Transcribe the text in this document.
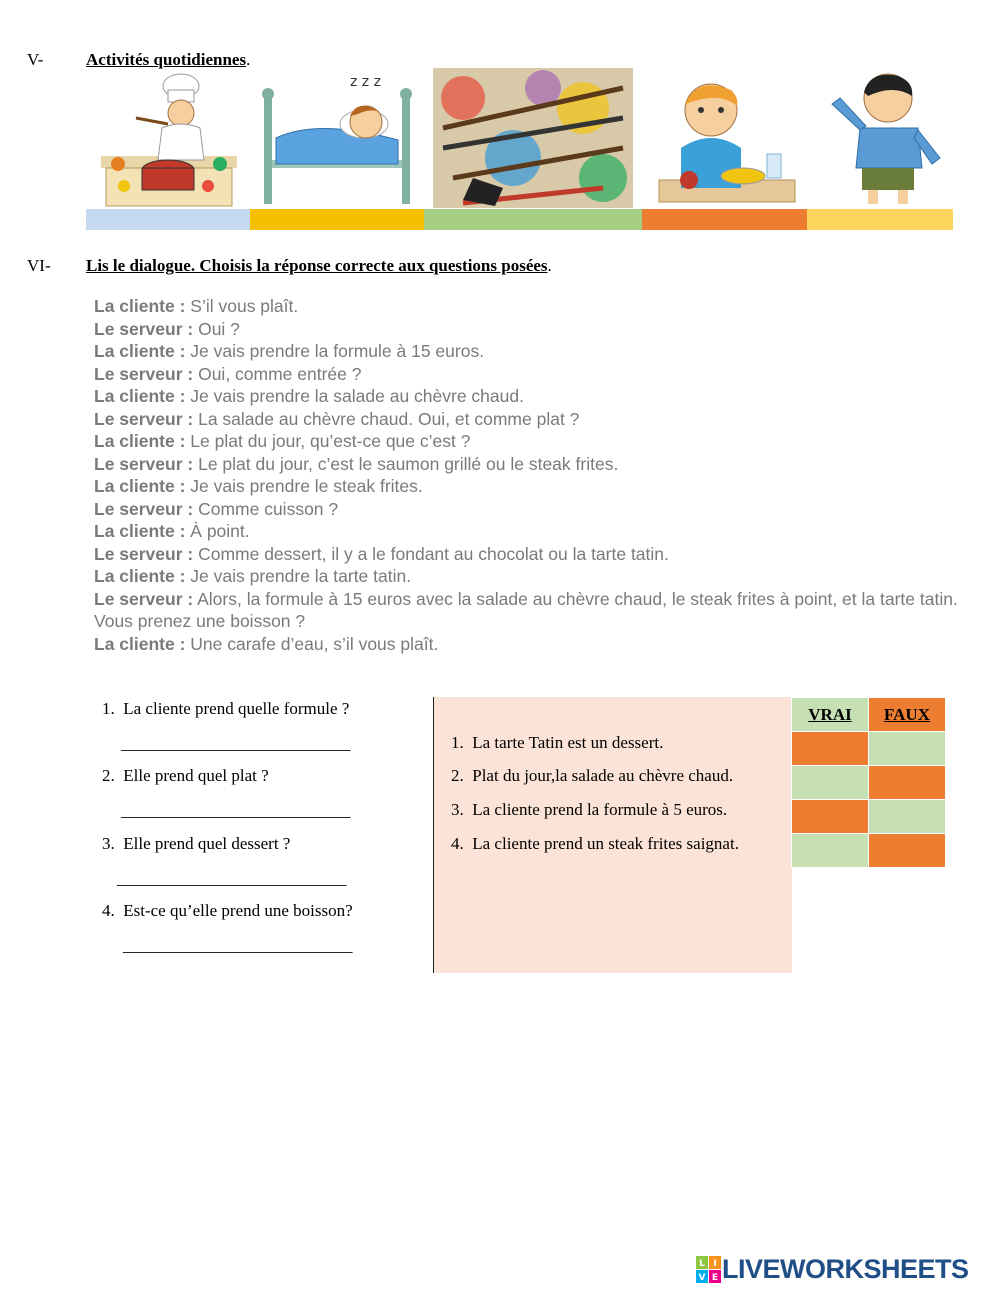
V-	Activités quotidiennes.
z z z
VI- Lis le dialogue. Choisis la réponse correcte aux questions posées.
La cliente : S’il vous plaît.
Le serveur : Oui ?
La cliente : Je vais prendre la formule à 15 euros.
Le serveur : Oui, comme entrée ?
La cliente : Je vais prendre la salade au chèvre chaud.
Le serveur : La salade au chèvre chaud. Oui, et comme plat ?
La cliente : Le plat du jour, qu’est-ce que c’est ?
Le serveur : Le plat du jour, c’est le saumon grillé ou le steak frites.
La cliente : Je vais prendre le steak frites.
Le serveur : Comme cuisson ?
La cliente : À point.
Le serveur : Comme dessert, il y a le fondant au chocolat ou la tarte tatin.
La cliente : Je vais prendre la tarte tatin.
Le serveur : Alors, la formule à 15 euros avec la salade au chèvre chaud, le steak frites à point, et la tarte tatin. Vous prenez une boisson ?
La cliente : Une carafe d’eau, s’il vous plaît.
1. La cliente prend quelle formule ?
___________________________
2. Elle prend quel plat ?
___________________________
3. Elle prend quel dessert ?
___________________________
4. Est-ce qu’elle prend une boisson?
___________________________
1. La tarte Tatin est un dessert.
2. Plat du jour,la salade au chèvre chaud.
3. La cliente prend la formule à 5 euros.
4. La cliente prend un steak frites saignat.
VRAI	FAUX

L I
V E LIVEWORKSHEETS
